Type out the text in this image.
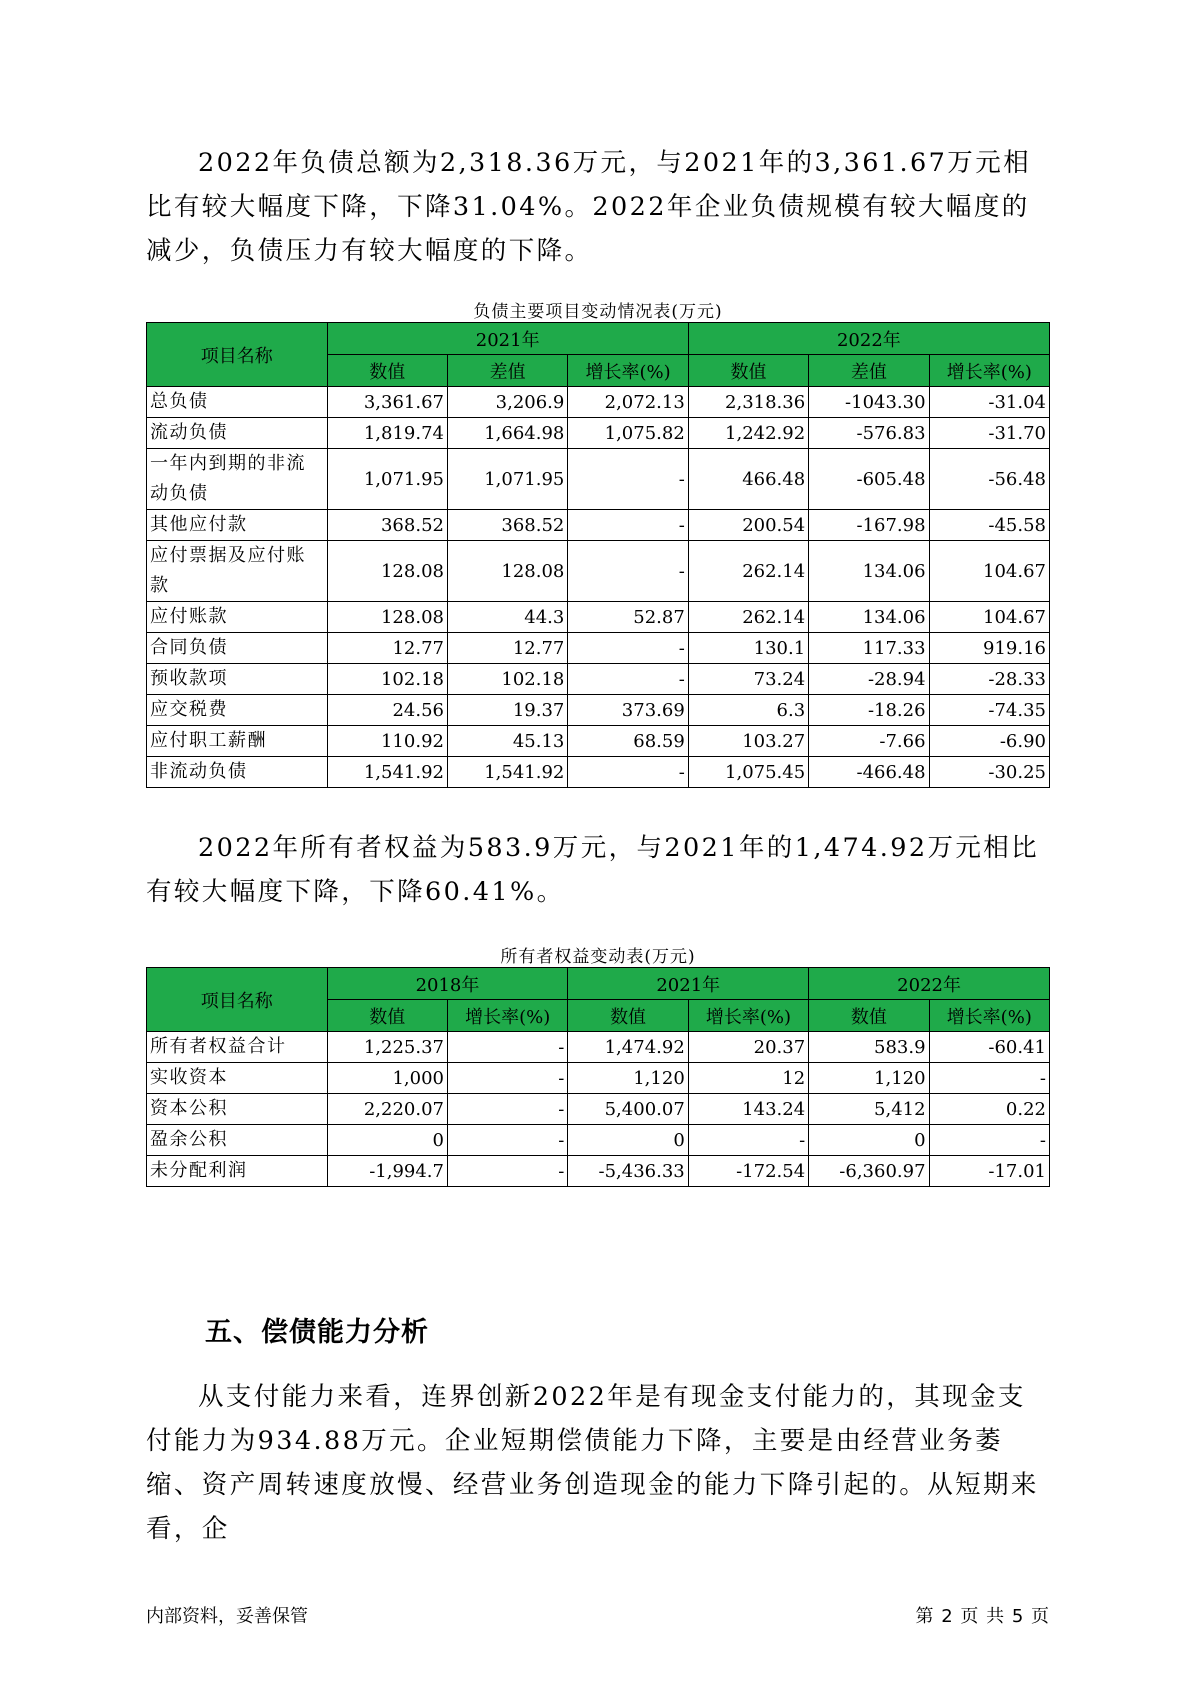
2022年负债总额为2,318.36万元，与2021年的3,361.67万元相比有较大幅度下降，下降31.04%。2022年企业负债规模有较大幅度的减少，负债压力有较大幅度的下降。

负债主要项目变动情况表(万元)

项目名称	2021年			2022年		
	数值	差值	增长率(%)	数值	差值	增长率(%)
总负债	3,361.67	3,206.9	2,072.13	2,318.36	-1043.30	-31.04
流动负债	1,819.74	1,664.98	1,075.82	1,242.92	-576.83	-31.70
一年内到期的非流动负债	1,071.95	1,071.95	-	466.48	-605.48	-56.48
其他应付款	368.52	368.52	-	200.54	-167.98	-45.58
应付票据及应付账款	128.08	128.08	-	262.14	134.06	104.67
应付账款	128.08	44.3	52.87	262.14	134.06	104.67
合同负债	12.77	12.77	-	130.1	117.33	919.16
预收款项	102.18	102.18	-	73.24	-28.94	-28.33
应交税费	24.56	19.37	373.69	6.3	-18.26	-74.35
应付职工薪酬	110.92	45.13	68.59	103.27	-7.66	-6.90
非流动负债	1,541.92	1,541.92	-	1,075.45	-466.48	-30.25

2022年所有者权益为583.9万元，与2021年的1,474.92万元相比有较大幅度下降，下降60.41%。

所有者权益变动表(万元)

项目名称	2018年		2021年		2022年	
	数值	增长率(%)	数值	增长率(%)	数值	增长率(%)
所有者权益合计	1,225.37	-	1,474.92	20.37	583.9	-60.41
实收资本	1,000	-	1,120	12	1,120	-
资本公积	2,220.07	-	5,400.07	143.24	5,412	0.22
盈余公积	0	-	0	-	0	-
未分配利润	-1,994.7	-	-5,436.33	-172.54	-6,360.97	-17.01
五、偿债能力分析

从支付能力来看，连界创新2022年是有现金支付能力的，其现金支付能力为934.88万元。企业短期偿债能力下降，主要是由经营业务萎缩、资产周转速度放慢、经营业务创造现金的能力下降引起的。从短期来看，企

内部资料，妥善保管	第 2 页 共 5 页
